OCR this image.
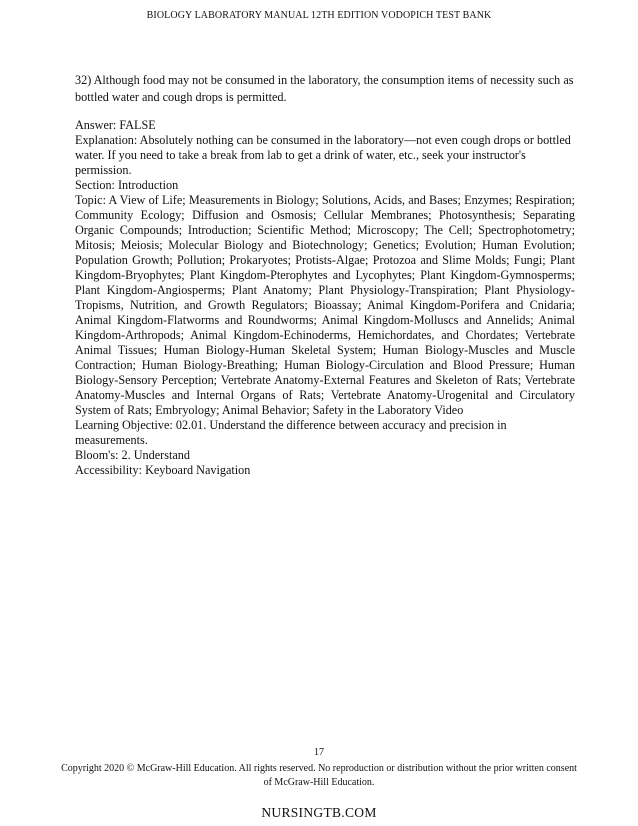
BIOLOGY LABORATORY MANUAL 12TH EDITION VODOPICH TEST BANK

32) Although food may not be consumed in the laboratory, the consumption items of necessity such as bottled water and cough drops is permitted.

Answer: FALSE

Explanation: Absolutely nothing can be consumed in the laboratory—not even cough drops or bottled water. If you need to take a break from lab to get a drink of water, etc., seek your instructor's permission.

Section: Introduction

Topic: A View of Life; Measurements in Biology; Solutions, Acids, and Bases; Enzymes; Respiration; Community Ecology; Diffusion and Osmosis; Cellular Membranes; Photosynthesis; Separating Organic Compounds; Introduction; Scientific Method; Microscopy; The Cell; Spectrophotometry; Mitosis; Meiosis; Molecular Biology and Biotechnology; Genetics; Evolution; Human Evolution; Population Growth; Pollution; Prokaryotes; Protists-Algae; Protozoa and Slime Molds; Fungi; Plant Kingdom-Bryophytes; Plant Kingdom-Pterophytes and Lycophytes; Plant Kingdom-Gymnosperms; Plant Kingdom-Angiosperms; Plant Anatomy; Plant Physiology-Transpiration; Plant Physiology-Tropisms, Nutrition, and Growth Regulators; Bioassay; Animal Kingdom-Porifera and Cnidaria; Animal Kingdom-Flatworms and Roundworms; Animal Kingdom-Molluscs and Annelids; Animal Kingdom-Arthropods; Animal Kingdom-Echinoderms, Hemichordates, and Chordates; Vertebrate Animal Tissues; Human Biology-Human Skeletal System; Human Biology-Muscles and Muscle Contraction; Human Biology-Breathing; Human Biology-Circulation and Blood Pressure; Human Biology-Sensory Perception; Vertebrate Anatomy-External Features and Skeleton of Rats; Vertebrate Anatomy-Muscles and Internal Organs of Rats; Vertebrate Anatomy-Urogenital and Circulatory System of Rats; Embryology; Animal Behavior; Safety in the Laboratory Video

Learning Objective: 02.01. Understand the difference between accuracy and precision in measurements.

Bloom's: 2. Understand

Accessibility: Keyboard Navigation

17
Copyright 2020 © McGraw-Hill Education. All rights reserved. No reproduction or distribution without the prior written consent of McGraw-Hill Education.
NURSINGTB.COM
